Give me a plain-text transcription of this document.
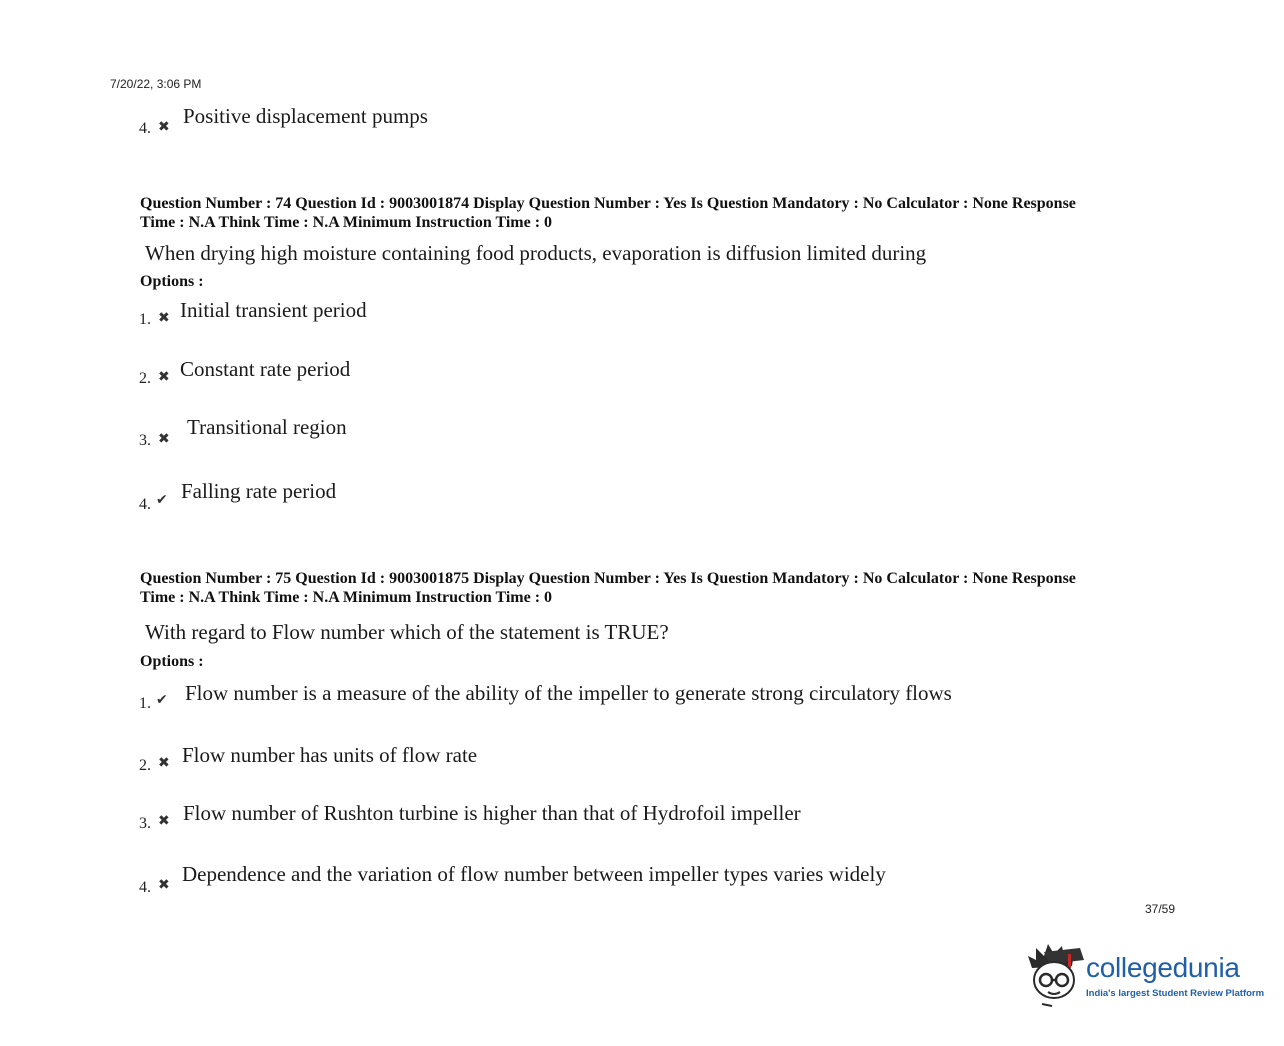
7/20/22, 3:06 PM
4. ✖ Positive displacement pumps
Question Number : 74 Question Id : 9003001874 Display Question Number : Yes Is Question Mandatory : No Calculator : None Response
Time : N.A Think Time : N.A Minimum Instruction Time : 0
When drying high moisture containing food products, evaporation is diffusion limited during
Options :
1. ✖ Initial transient period
2. ✖ Constant rate period
3. ✖ Transitional region
4. ✔ Falling rate period
Question Number : 75 Question Id : 9003001875 Display Question Number : Yes Is Question Mandatory : No Calculator : None Response
Time : N.A Think Time : N.A Minimum Instruction Time : 0
With regard to Flow number which of the statement is TRUE?
Options :
1. ✔ Flow number is a measure of the ability of the impeller to generate strong circulatory flows
2. ✖ Flow number has units of flow rate
3. ✖ Flow number of Rushton turbine is higher than that of Hydrofoil impeller
4. ✖ Dependence and the variation of flow number between impeller types varies widely
37/59
collegedunia
India's largest Student Review Platform
